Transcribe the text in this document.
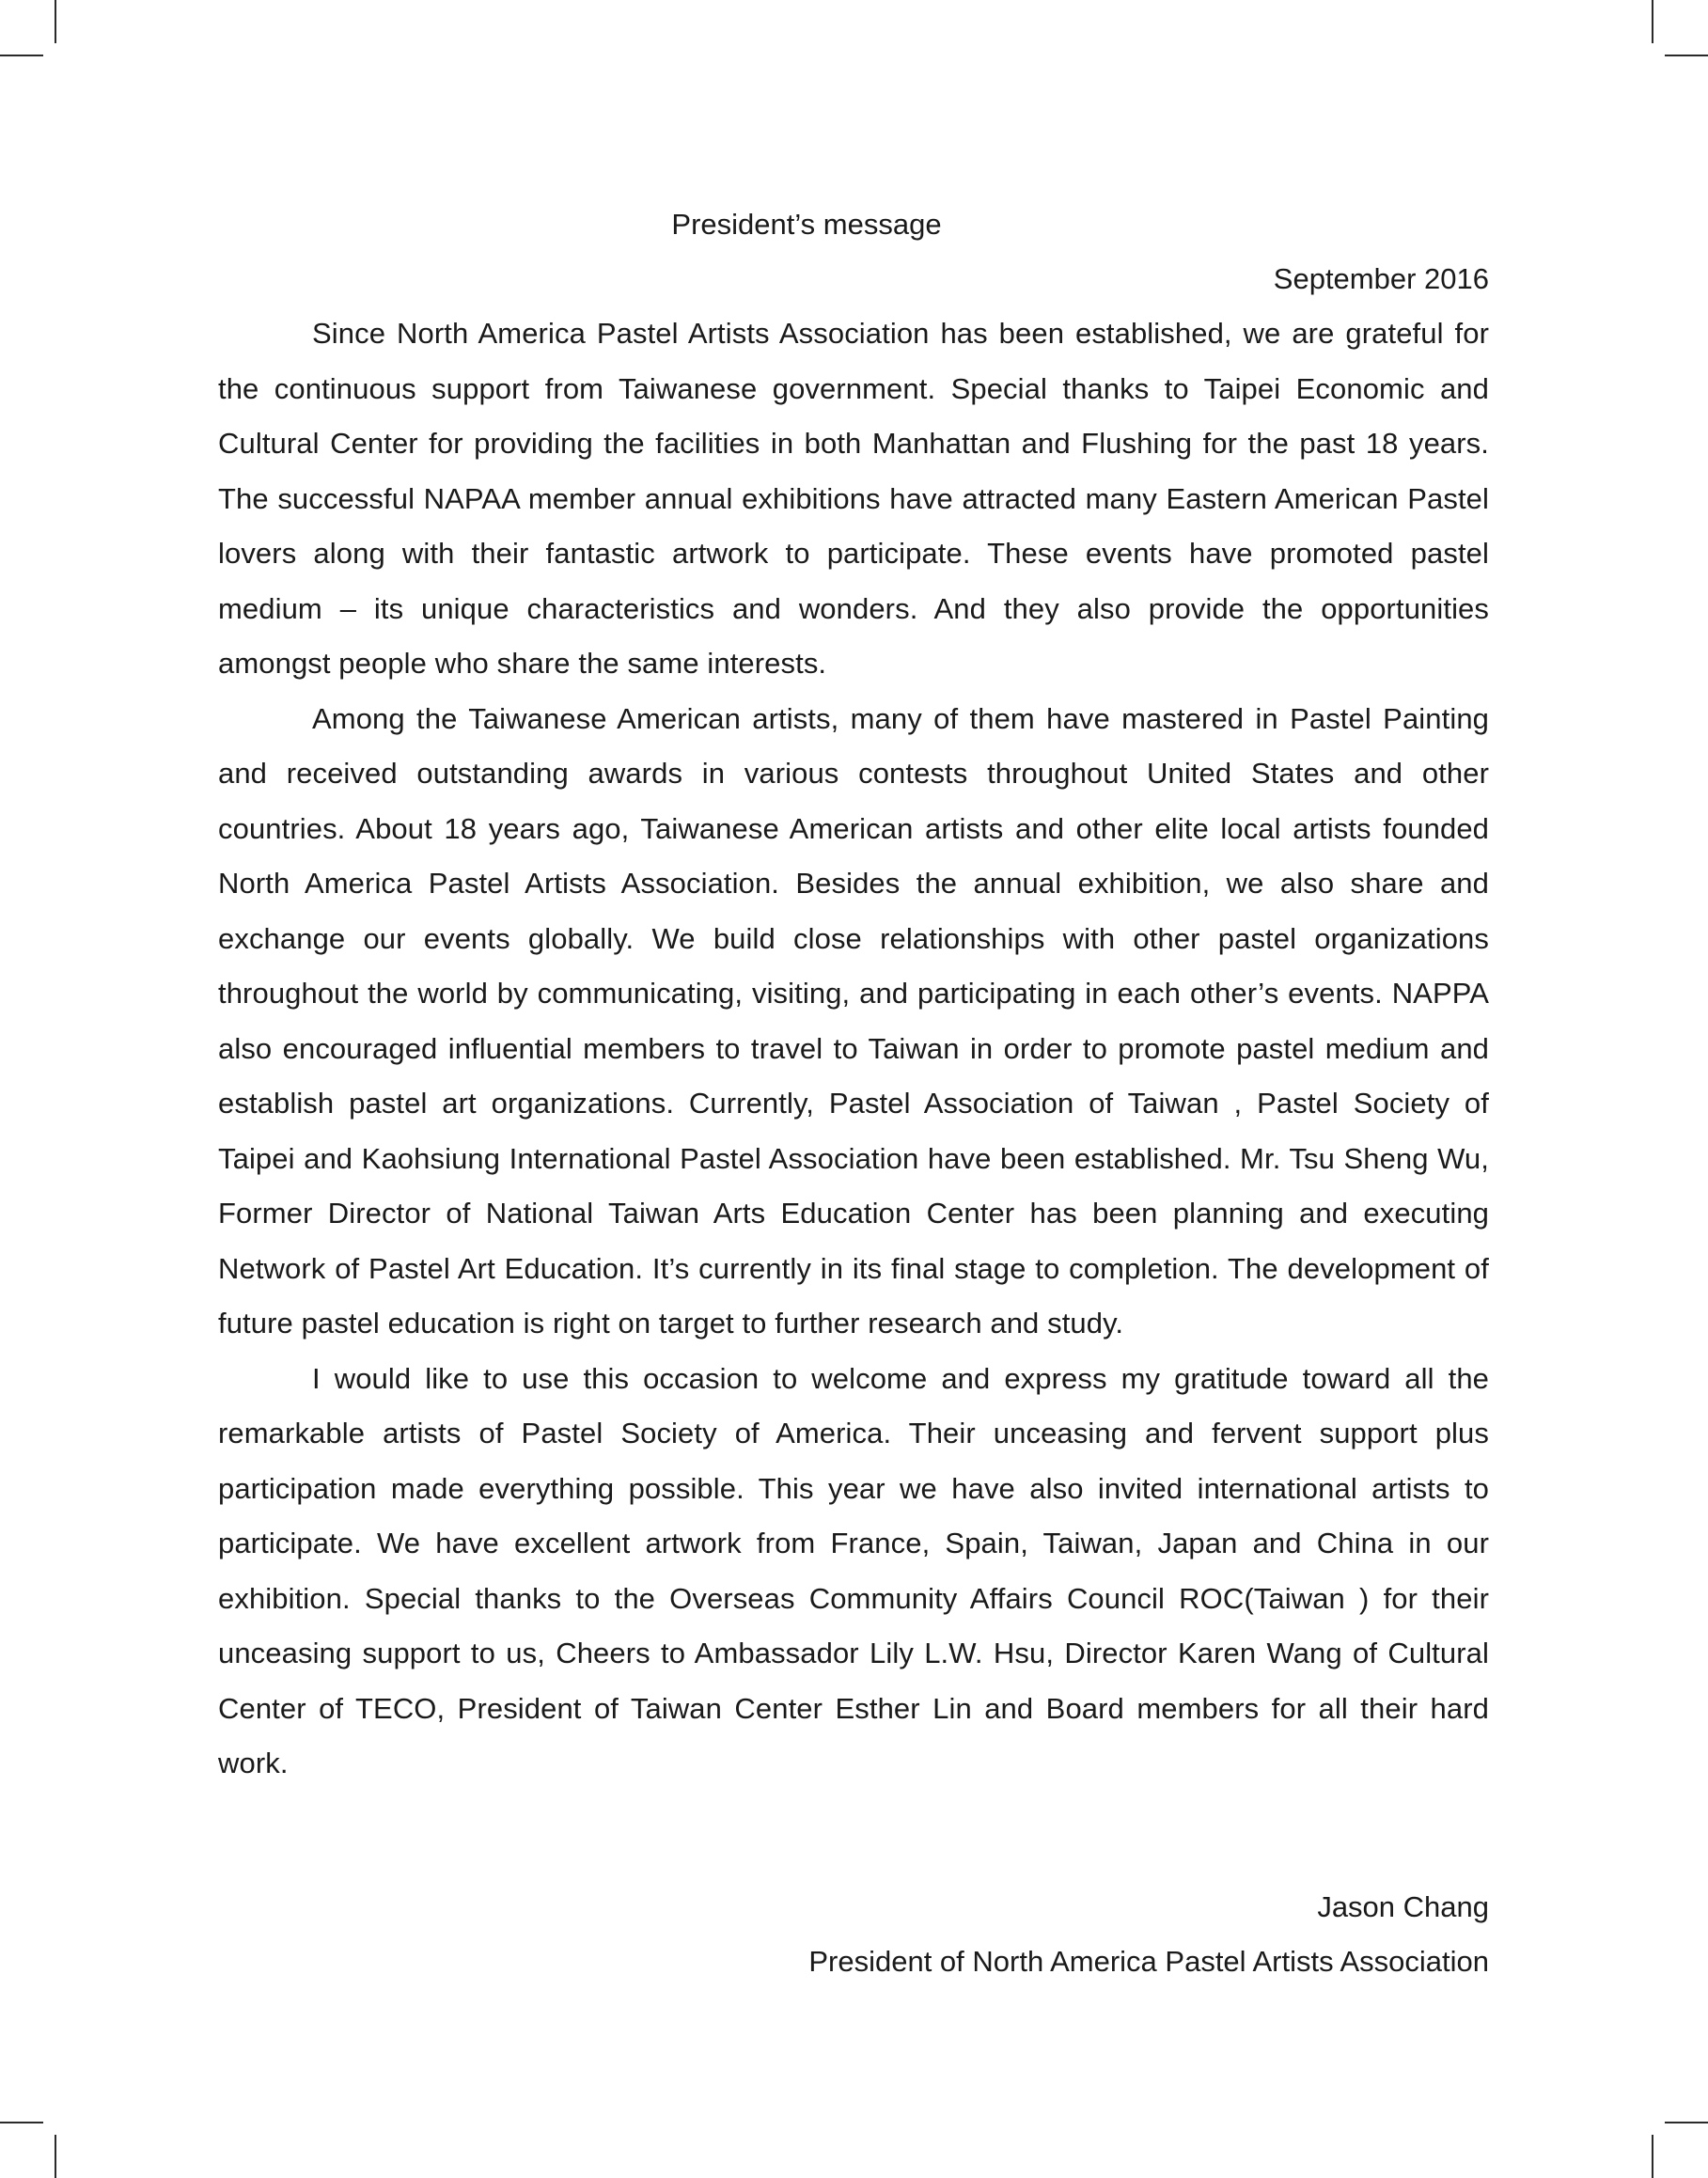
President’s message

September 2016

Since North America Pastel Artists Association has been established, we are grateful for the continuous support from Taiwanese government. Special thanks to Taipei Economic and Cultural Center for providing the facilities in both Manhattan and Flushing for the past 18 years. The successful NAPAA member annual exhibitions have attracted many Eastern American Pastel lovers along with their fantastic artwork to participate. These events have promoted pastel medium – its unique characteristics and wonders. And they also provide the opportunities amongst people who share the same interests.

Among the Taiwanese American artists, many of them have mastered in Pastel Painting and received outstanding awards in various contests throughout United States and other countries. About 18 years ago, Taiwanese American artists and other elite local artists founded North America Pastel Artists Association. Besides the annual exhibition, we also share and exchange our events globally. We build close relationships with other pastel organizations throughout the world by communicating, visiting, and participating in each other’s events. NAPPA also encouraged influential members to travel to Taiwan in order to promote pastel medium and establish pastel art organizations. Currently, Pastel Association of Taiwan , Pastel Society of Taipei and Kaohsiung International Pastel Association have been established. Mr. Tsu Sheng Wu, Former Director of National Taiwan Arts Education Center has been planning and executing Network of Pastel Art Education. It’s currently in its final stage to completion. The development of future pastel education is right on target to further research and study.

I would like to use this occasion to welcome and express my gratitude toward all the remarkable artists of Pastel Society of America. Their unceasing and fervent support plus participation made everything possible. This year we have also invited international artists to participate. We have excellent artwork from France, Spain, Taiwan, Japan and China in our exhibition. Special thanks to the Overseas Community Affairs Council ROC(Taiwan ) for their unceasing support to us, Cheers to Ambassador Lily L.W. Hsu, Director Karen Wang of Cultural Center of TECO, President of Taiwan Center Esther Lin and Board members for all their hard work.

Jason Chang

President of North America Pastel Artists Association
